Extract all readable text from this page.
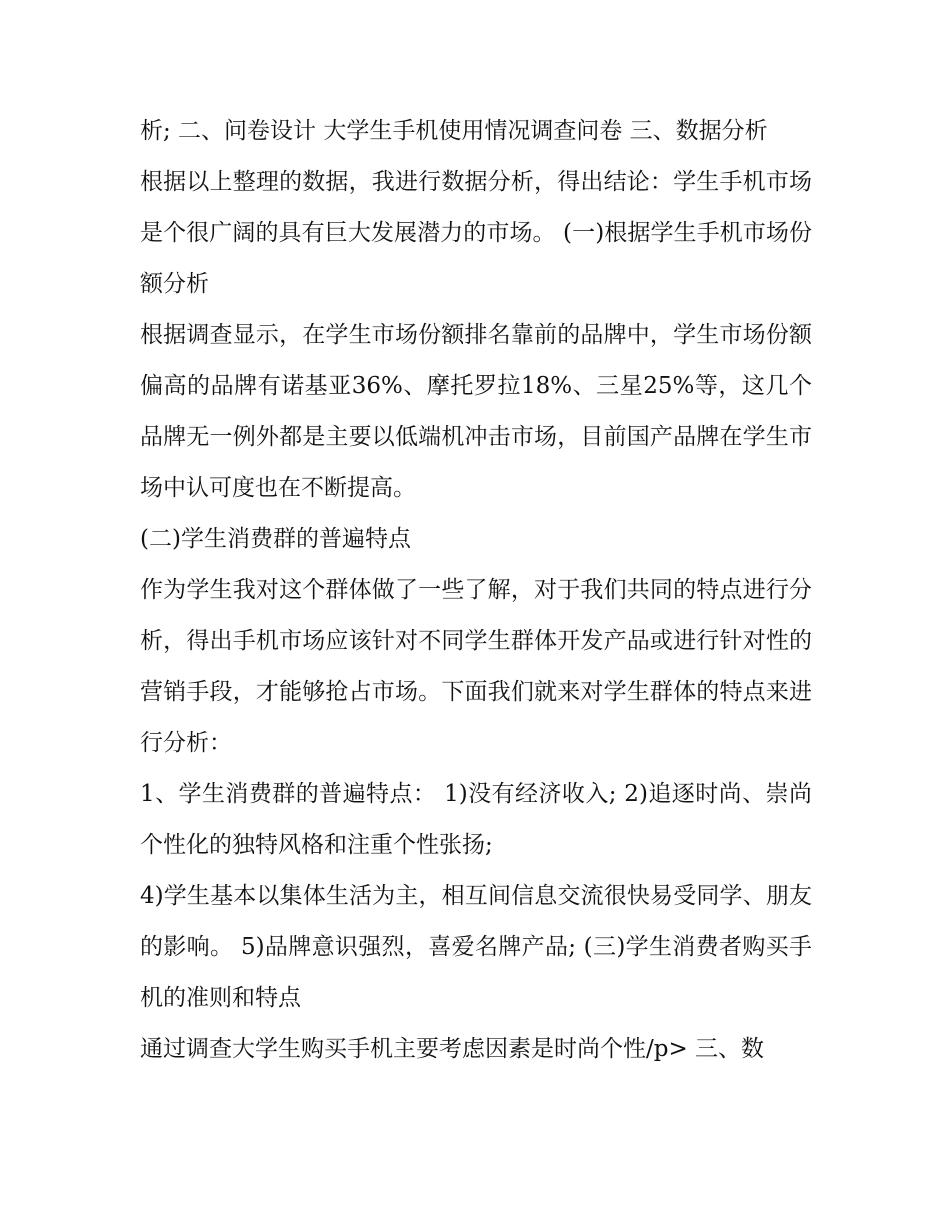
析; 二、问卷设计 大学生手机使用情况调查问卷 三、数据分析

根据以上整理的数据，我进行数据分析，得出结论：学生手机市场是个很广阔的具有巨大发展潜力的市场。 (一)根据学生手机市场份额分析

根据调查显示，在学生市场份额排名靠前的品牌中，学生市场份额偏高的品牌有诺基亚36%、摩托罗拉18%、三星25%等，这几个品牌无一例外都是主要以低端机冲击市场，目前国产品牌在学生市场中认可度也在不断提高。

(二)学生消费群的普遍特点

作为学生我对这个群体做了一些了解，对于我们共同的特点进行分析，得出手机市场应该针对不同学生群体开发产品或进行针对性的营销手段，才能够抢占市场。下面我们就来对学生群体的特点来进行分析：

1、学生消费群的普遍特点： 1)没有经济收入; 2)追逐时尚、崇尚个性化的独特风格和注重个性张扬;

4)学生基本以集体生活为主，相互间信息交流很快易受同学、朋友的影响。 5)品牌意识强烈，喜爱名牌产品; (三)学生消费者购买手机的准则和特点

通过调查大学生购买手机主要考虑因素是时尚个性/p> 三、数
